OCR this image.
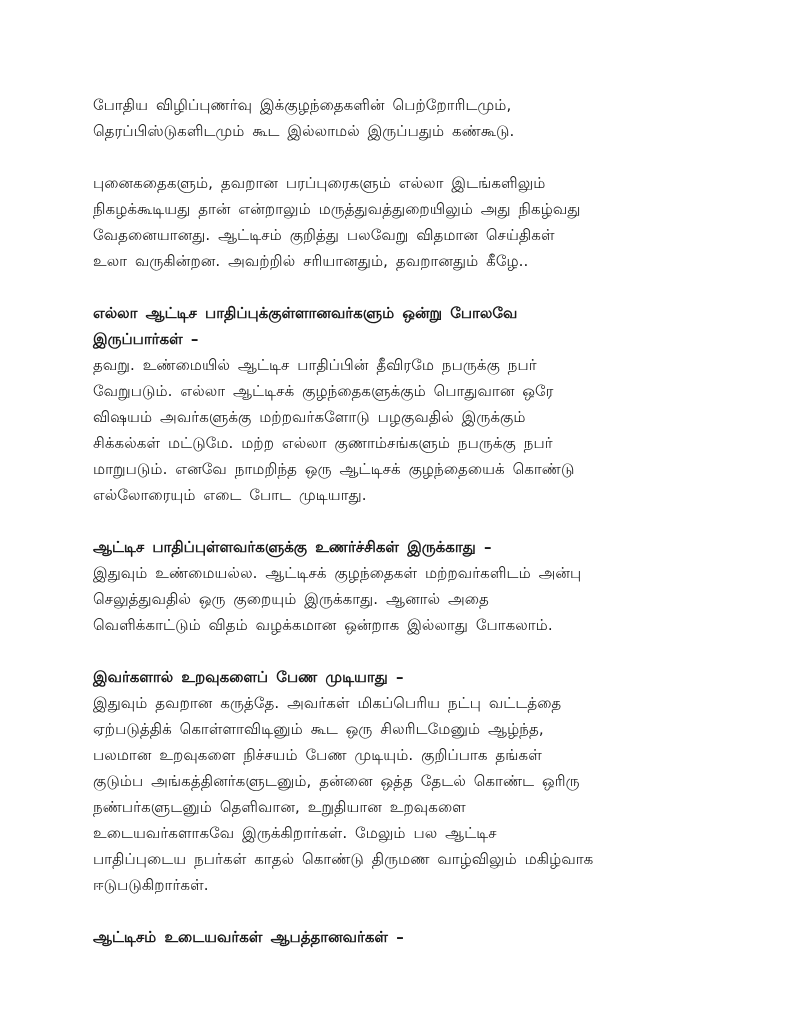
போதிய விழிப்புணர்வு இக்குழந்தைகளின் பெற்றோரிடமும்,
தெரப்பிஸ்டுகளிடமும் கூட இல்லாமல் இருப்பதும் கண்கூடு.
புனைகதைகளும், தவறான பரப்புரைகளும் எல்லா இடங்களிலும்
நிகழக்கூடியது தான் என்றாலும் மருத்துவத்துறையிலும் அது நிகழ்வது
வேதனையானது. ஆட்டிசம் குறித்து பலவேறு விதமான செய்திகள்
உலா வருகின்றன. அவற்றில் சரியானதும், தவறானதும் கீழே..
எல்லா ஆட்டிச பாதிப்புக்குள்ளானவர்களும் ஒன்று போலவே
இருப்பார்கள் –
தவறு. உண்மையில் ஆட்டிச பாதிப்பின் தீவிரமே நபருக்கு நபர்
வேறுபடும். எல்லா ஆட்டிசக் குழந்தைகளுக்கும் பொதுவான ஒரே
விஷயம் அவர்களுக்கு மற்றவர்களோடு பழகுவதில் இருக்கும்
சிக்கல்கள் மட்டுமே. மற்ற எல்லா குணாம்சங்களும் நபருக்கு நபர்
மாறுபடும். எனவே நாமறிந்த ஒரு ஆட்டிசக் குழந்தையைக் கொண்டு
எல்லோரையும் எடை போட முடியாது.
ஆட்டிச பாதிப்புள்ளவர்களுக்கு உணர்ச்சிகள் இருக்காது –
இதுவும் உண்மையல்ல. ஆட்டிசக் குழந்தைகள் மற்றவர்களிடம் அன்பு
செலுத்துவதில் ஒரு குறையும் இருக்காது. ஆனால் அதை
வெளிக்காட்டும் விதம் வழக்கமான ஒன்றாக இல்லாது போகலாம்.
இவர்களால் உறவுகளைப் பேண முடியாது –
இதுவும் தவறான கருத்தே. அவர்கள் மிகப்பெரிய நட்பு வட்டத்தை
ஏற்படுத்திக் கொள்ளாவிடினும் கூட ஒரு சிலரிடமேனும் ஆழ்ந்த,
பலமான உறவுகளை நிச்சயம் பேண முடியும். குறிப்பாக தங்கள்
குடும்ப அங்கத்தினர்களுடனும், தன்னை ஒத்த தேடல் கொண்ட ஒரிரு
நண்பர்களுடனும் தெளிவான, உறுதியான உறவுகளை
உடையவர்களாகவே இருக்கிறார்கள். மேலும் பல ஆட்டிச
பாதிப்புடைய நபர்கள் காதல் கொண்டு திருமண வாழ்விலும் மகிழ்வாக
ஈடுபடுகிறார்கள்.
ஆட்டிசம் உடையவர்கள் ஆபத்தானவர்கள் –
